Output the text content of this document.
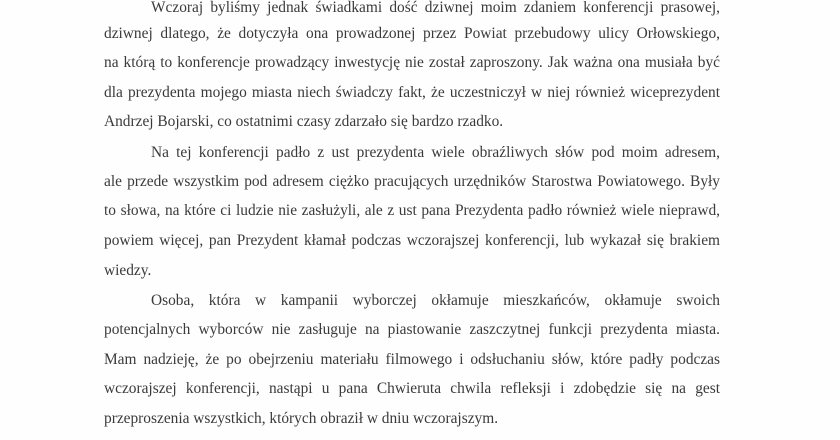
Wczoraj byliśmy jednak świadkami dość dziwnej moim zdaniem konferencji prasowej,

dziwnej dlatego, że dotyczyła ona prowadzonej przez Powiat przebudowy ulicy Orłowskiego,

na którą to konferencje prowadzący inwestycję nie został zaproszony. Jak ważna ona musiała być

dla prezydenta mojego miasta niech świadczy fakt, że uczestniczył w niej również wiceprezydent

Andrzej Bojarski, co ostatnimi czasy zdarzało się bardzo rzadko.

Na tej konferencji padło z ust prezydenta wiele obraźliwych słów pod moim adresem,

ale przede wszystkim pod adresem ciężko pracujących urzędników Starostwa Powiatowego. Były

to słowa, na które ci ludzie nie zasłużyli, ale z ust pana Prezydenta padło również wiele nieprawd,

powiem więcej, pan Prezydent kłamał podczas wczorajszej konferencji, lub wykazał się brakiem

wiedzy.

Osoba, która w kampanii wyborczej okłamuje mieszkańców, okłamuje swoich

potencjalnych wyborców nie zasługuje na piastowanie zaszczytnej funkcji prezydenta miasta.

Mam nadzieję, że po obejrzeniu materiału filmowego i odsłuchaniu słów, które padły podczas

wczorajszej konferencji, nastąpi u pana Chwieruta chwila refleksji i zdobędzie się na gest

przeproszenia wszystkich, których obraził w dniu wczorajszym.
